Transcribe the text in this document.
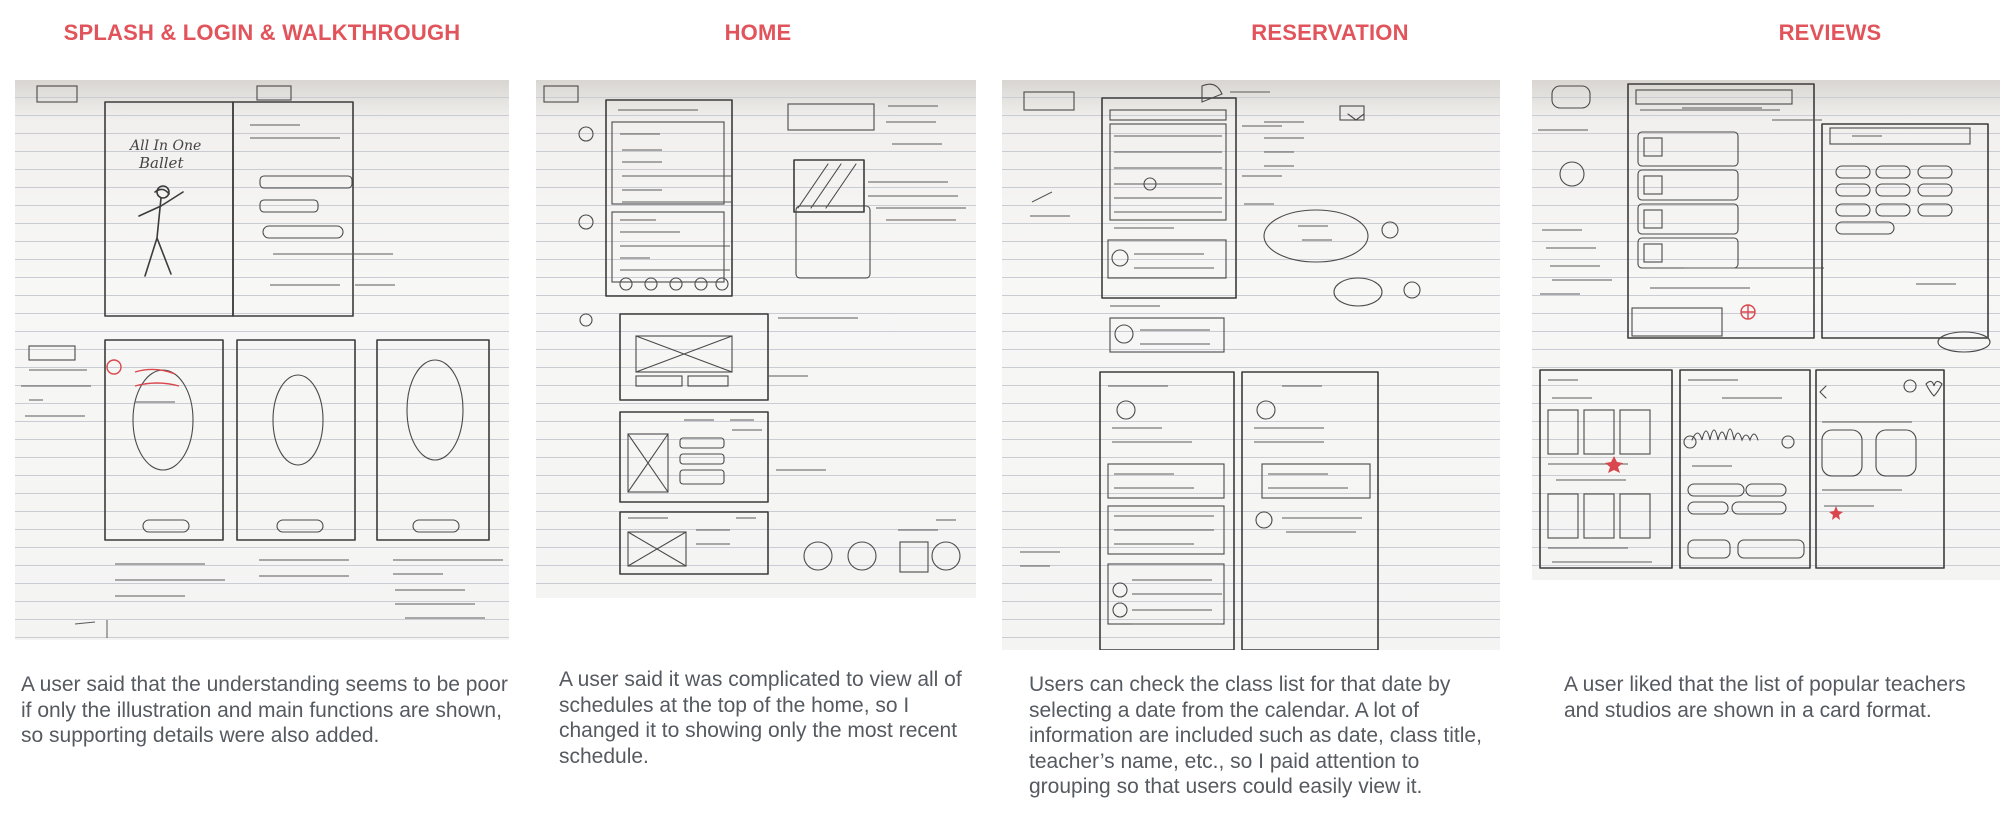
SPLASH & LOGIN & WALKTHROUGH
All In One
Ballet
A user said that the understanding seems to be poor if only the illustration and main functions are shown, so supporting details were also added.
HOME
A user said it was complicated to view all of schedules at the top of the home, so I changed it to showing only the most recent schedule.
RESERVATION
Users can check the class list for that date by selecting a date from the calendar. A lot of information are included such as date, class title, teacher’s name, etc., so I paid attention to grouping so that users could easily view it.
REVIEWS
A user liked that the list of popular teachers and studios are shown in a card format.
